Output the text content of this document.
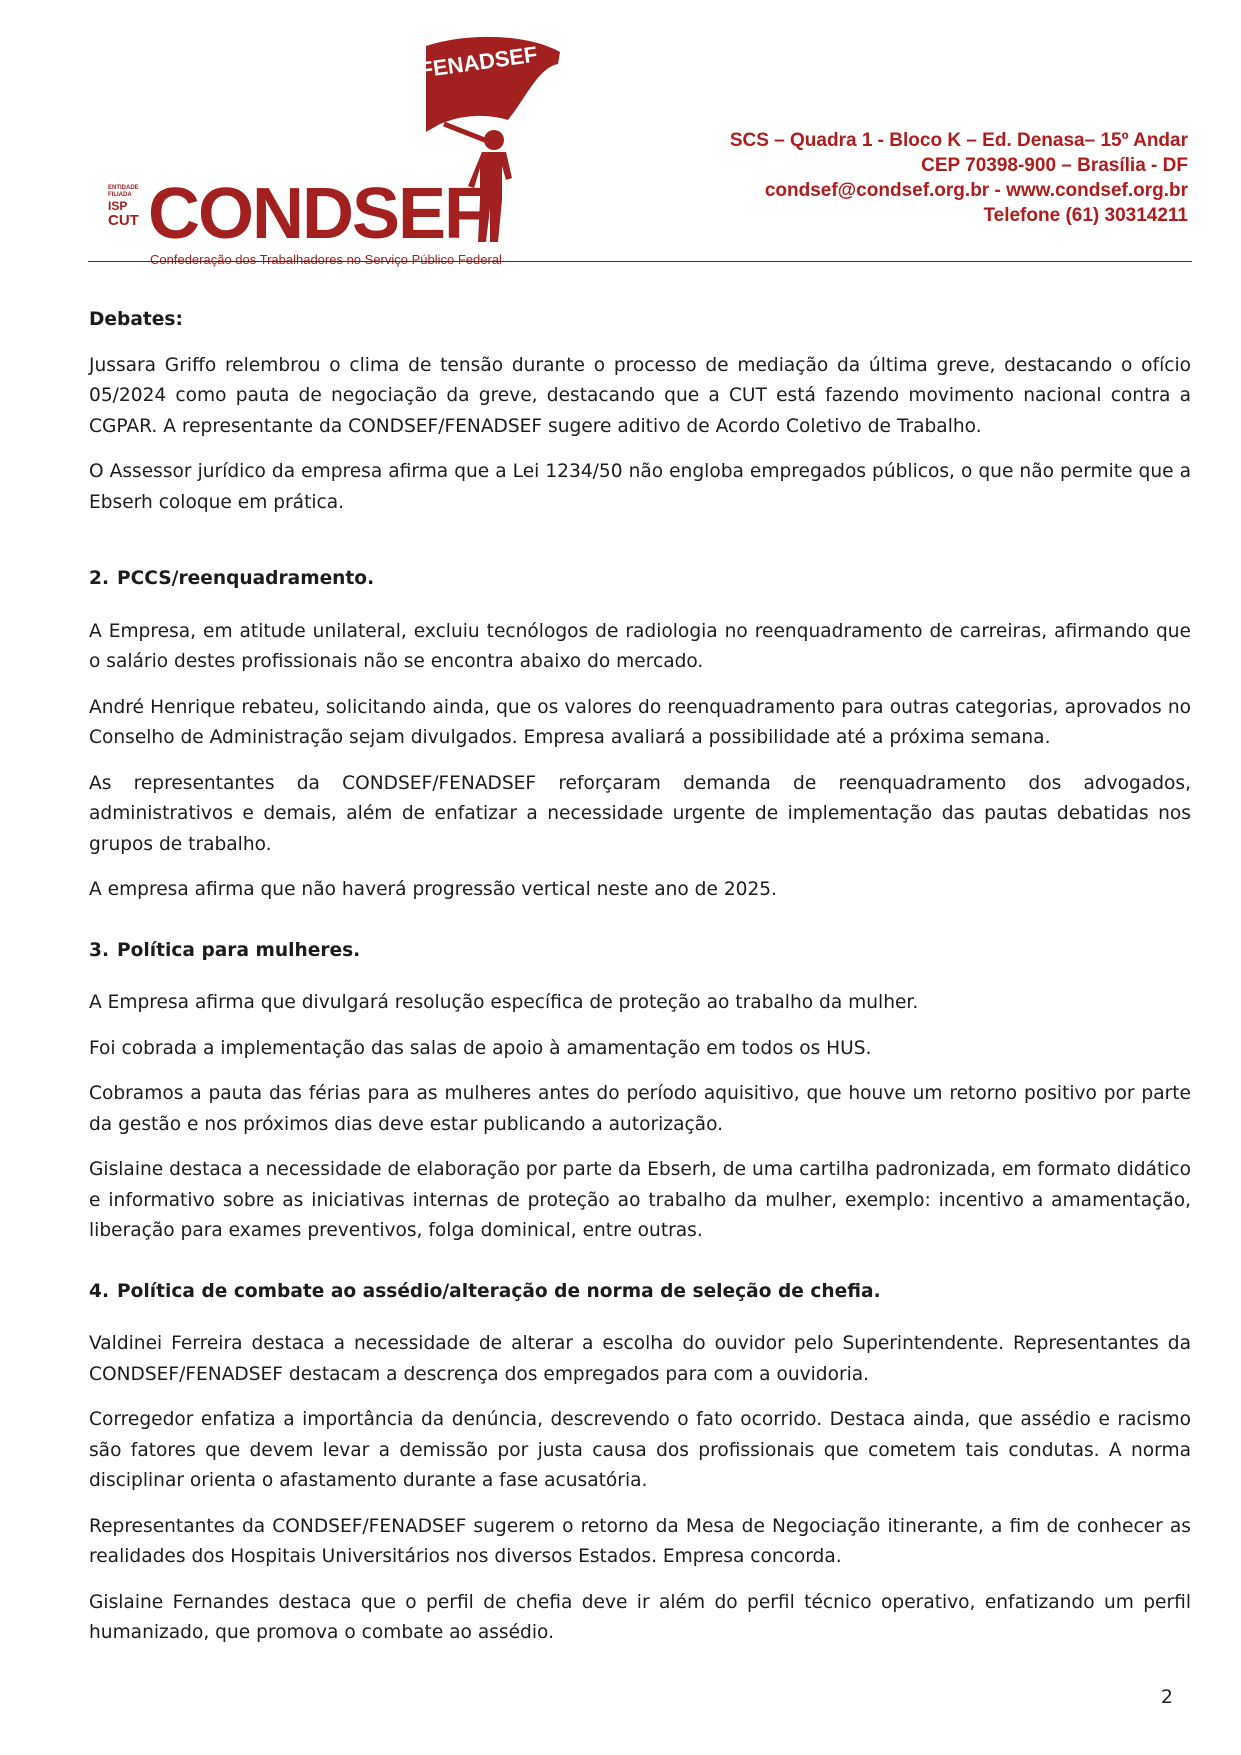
FENADSEF
ENTIDADE FILIADA
ISP
CUT CONDSEF
Confederação dos Trabalhadores no Serviço Público Federal
SCS – Quadra 1 - Bloco K – Ed. Denasa– 15º Andar
CEP 70398-900 – Brasília - DF
condsef@condsef.org.br - www.condsef.org.br
Telefone (61) 30314211

Debates:

Jussara Griffo relembrou o clima de tensão durante o processo de mediação da última greve, destacando o ofício 05/2024 como pauta de negociação da greve, destacando que a CUT está fazendo movimento nacional contra a CGPAR. A representante da CONDSEF/FENADSEF sugere aditivo de Acordo Coletivo de Trabalho.

O Assessor jurídico da empresa afirma que a Lei 1234/50 não engloba empregados públicos, o que não permite que a Ebserh coloque em prática.

2. PCCS/reenquadramento.

A Empresa, em atitude unilateral, excluiu tecnólogos de radiologia no reenquadramento de carreiras, afirmando que o salário destes profissionais não se encontra abaixo do mercado.

André Henrique rebateu, solicitando ainda, que os valores do reenquadramento para outras categorias, aprovados no Conselho de Administração sejam divulgados. Empresa avaliará a possibilidade até a próxima semana.

As representantes da CONDSEF/FENADSEF reforçaram demanda de reenquadramento dos advogados, administrativos e demais, além de enfatizar a necessidade urgente de implementação das pautas debatidas nos grupos de trabalho.

A empresa afirma que não haverá progressão vertical neste ano de 2025.

3. Política para mulheres.

A Empresa afirma que divulgará resolução específica de proteção ao trabalho da mulher.

Foi cobrada a implementação das salas de apoio à amamentação em todos os HUS.

Cobramos a pauta das férias para as mulheres antes do período aquisitivo, que houve um retorno positivo por parte da gestão e nos próximos dias deve estar publicando a autorização.

Gislaine destaca a necessidade de elaboração por parte da Ebserh, de uma cartilha padronizada, em formato didático e informativo sobre as iniciativas internas de proteção ao trabalho da mulher, exemplo: incentivo a amamentação, liberação para exames preventivos, folga dominical, entre outras.

4. Política de combate ao assédio/alteração de norma de seleção de chefia.

Valdinei Ferreira destaca a necessidade de alterar a escolha do ouvidor pelo Superintendente. Representantes da CONDSEF/FENADSEF destacam a descrença dos empregados para com a ouvidoria.

Corregedor enfatiza a importância da denúncia, descrevendo o fato ocorrido. Destaca ainda, que assédio e racismo são fatores que devem levar a demissão por justa causa dos profissionais que cometem tais condutas. A norma disciplinar orienta o afastamento durante a fase acusatória.

Representantes da CONDSEF/FENADSEF sugerem o retorno da Mesa de Negociação itinerante, a fim de conhecer as realidades dos Hospitais Universitários nos diversos Estados. Empresa concorda.

Gislaine Fernandes destaca que o perfil de chefia deve ir além do perfil técnico operativo, enfatizando um perfil humanizado, que promova o combate ao assédio.

2
